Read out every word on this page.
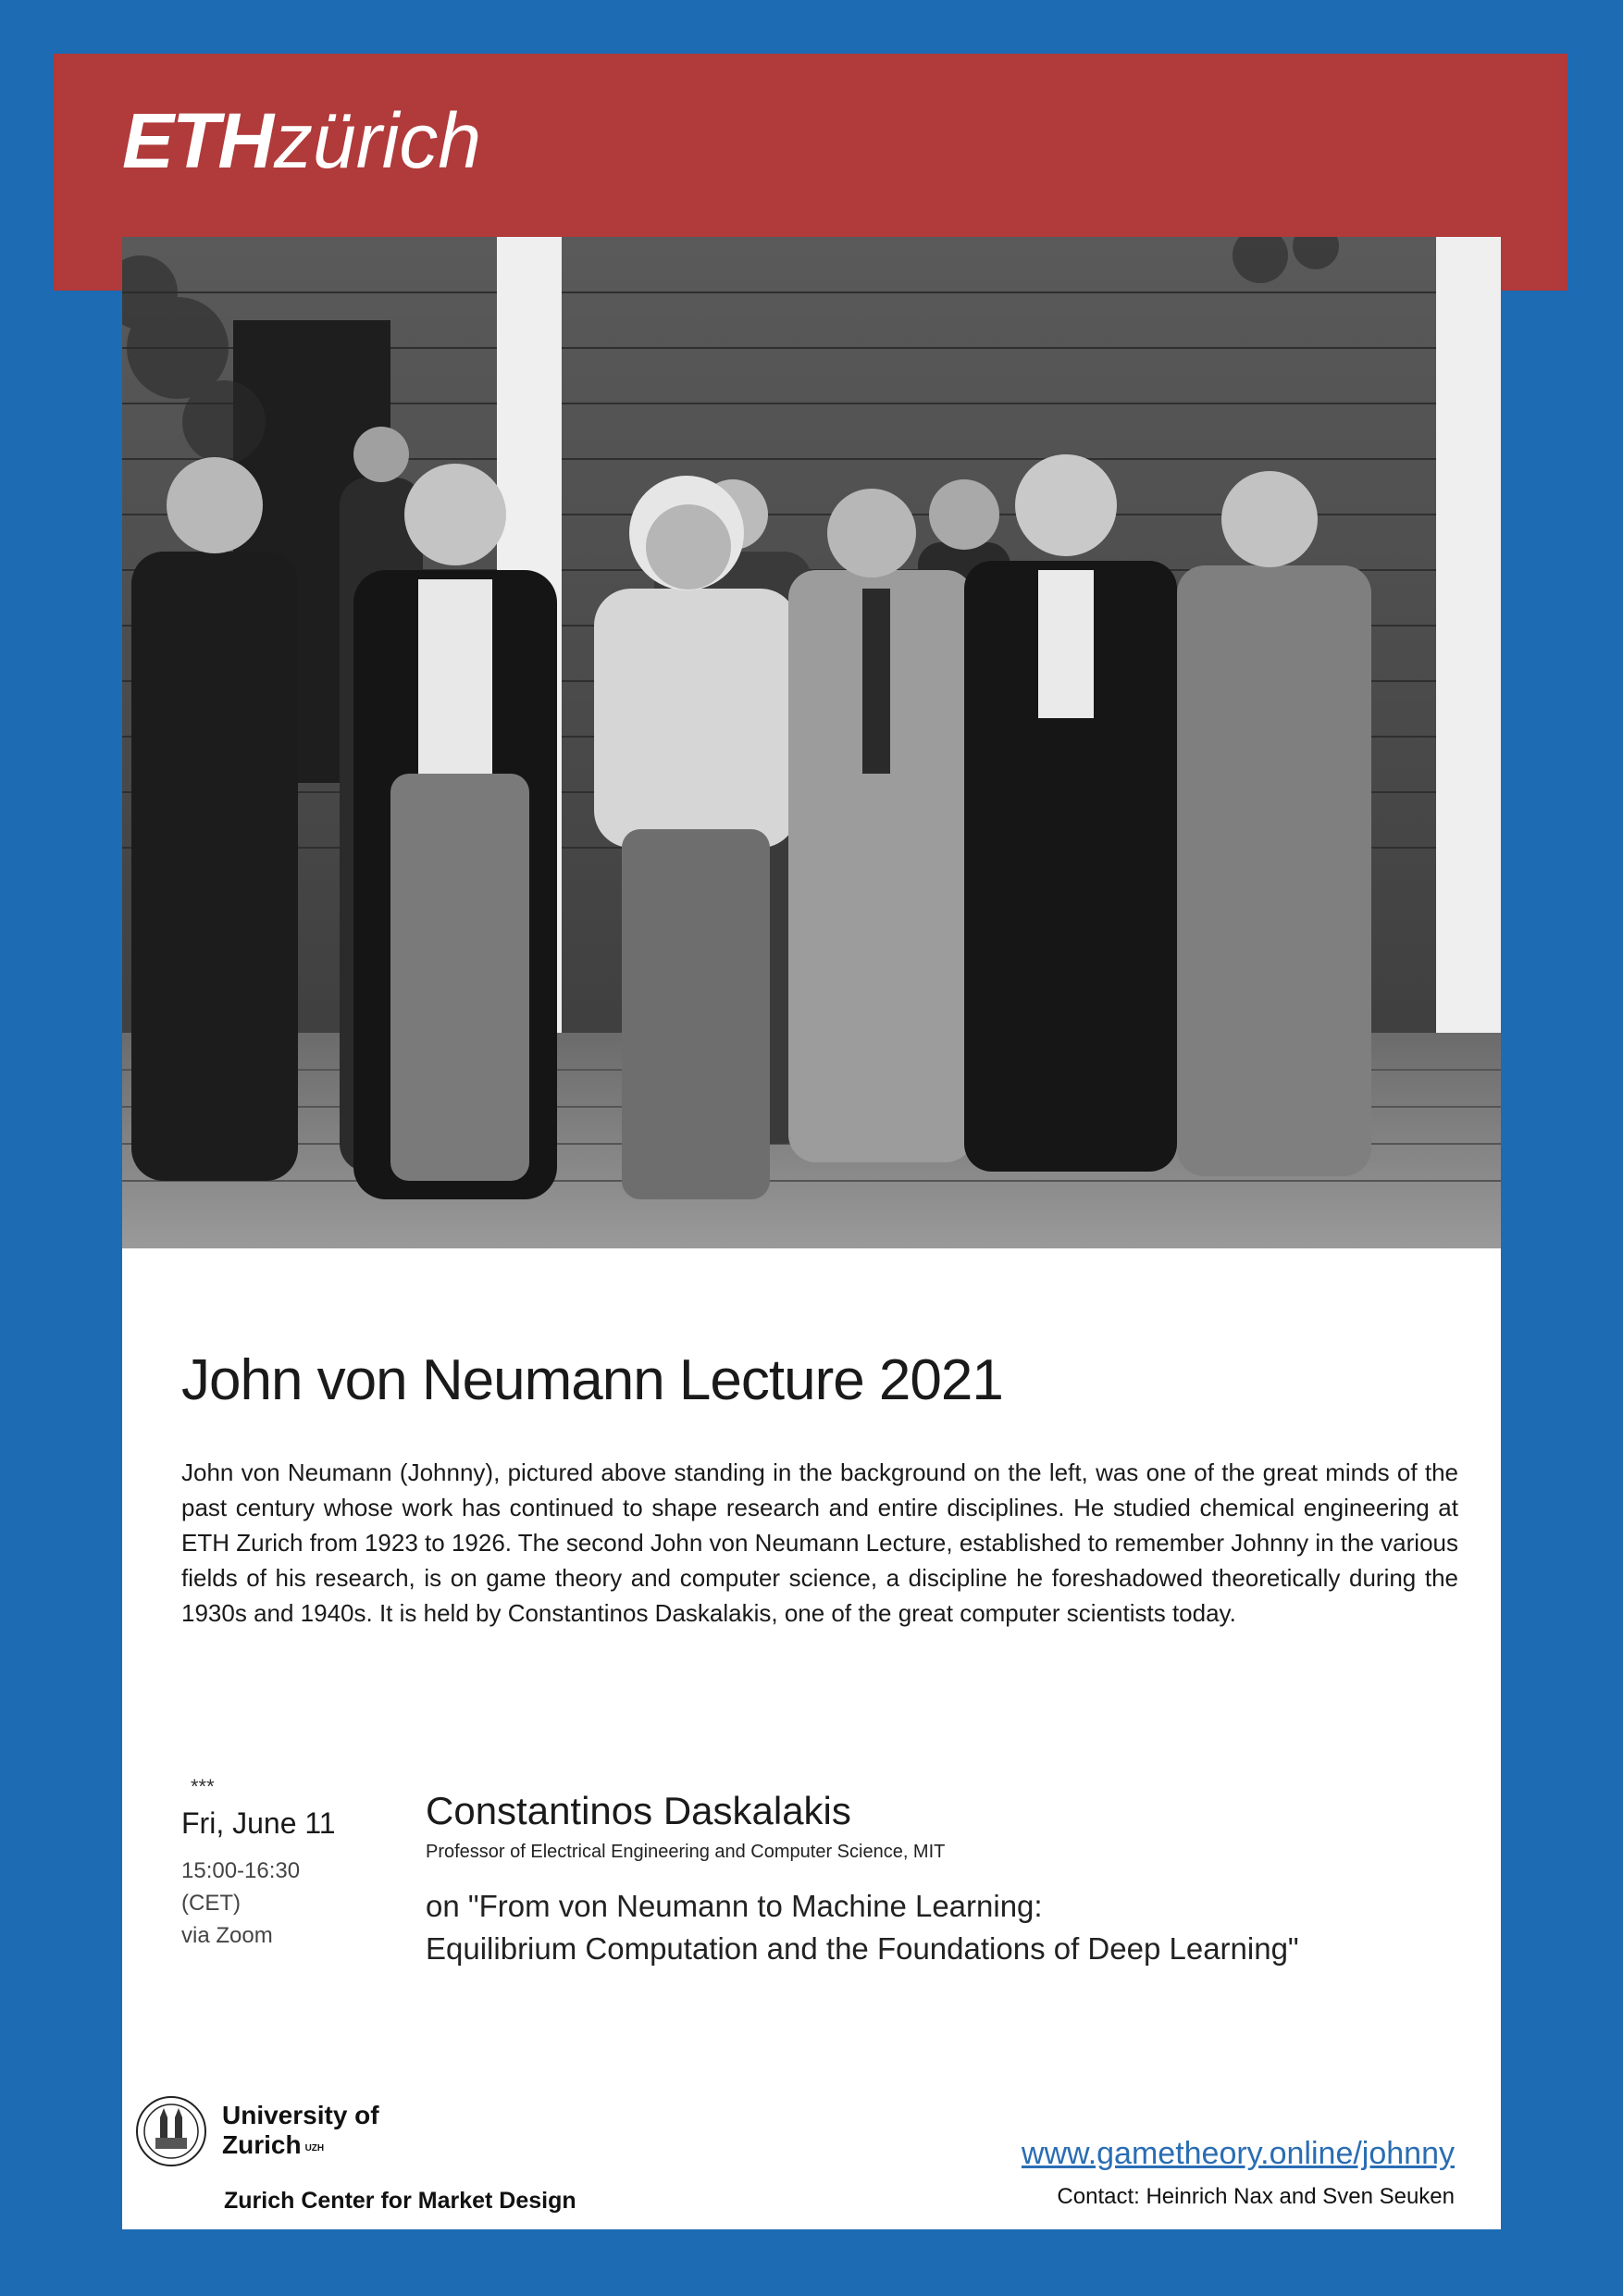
ETHzürich
John von Neumann Lecture 2021
John von Neumann (Johnny), pictured above standing in the background on the left, was one of the great minds of the past century whose work has continued to shape research and entire disciplines. He studied chemical engineering at ETH Zurich from 1923 to 1926. The second John von Neumann Lecture, established to remember Johnny in the various fields of his research, is on game theory and computer science, a discipline he foreshadowed theoretically during the 1930s and 1940s. It is held by Constantinos Daskalakis, one of the great computer scientists today.
***
Fri, June 11
15:00-16:30
(CET)
via Zoom
Constantinos Daskalakis
Professor of Electrical Engineering and Computer Science, MIT
on "From von Neumann to Machine Learning:
Equilibrium Computation and the Foundations of Deep Learning"
University of
Zurich $^{UZH}$
Zurich Center for Market Design
www.gametheory.online/johnny
Contact: Heinrich Nax and Sven Seuken
